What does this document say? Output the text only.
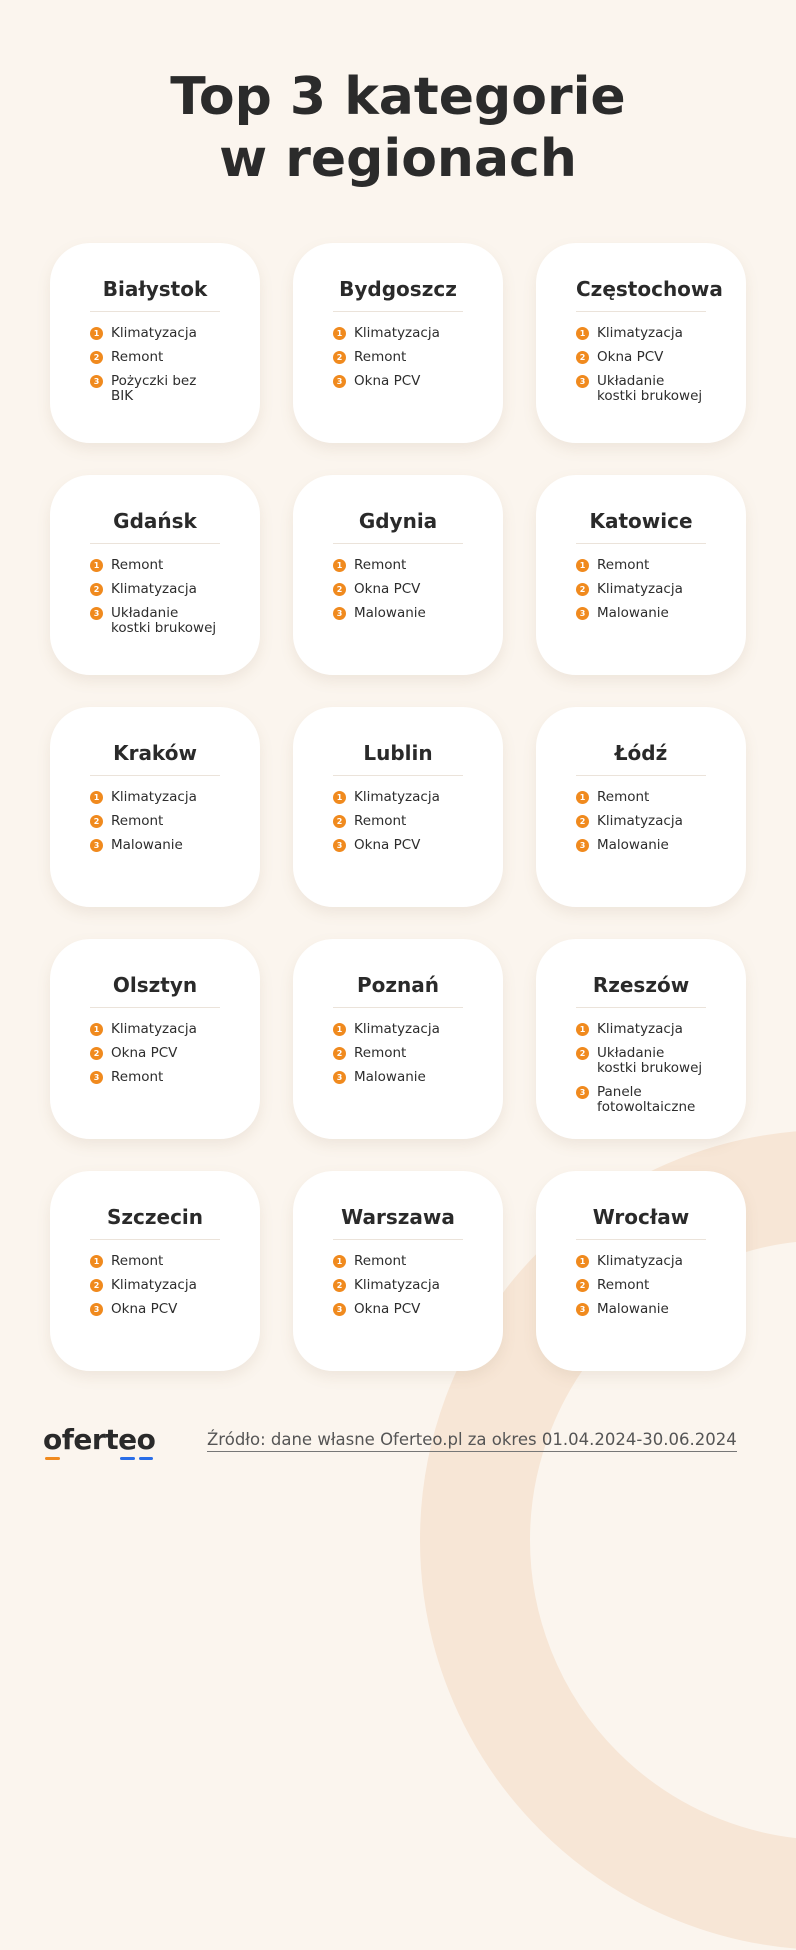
Top 3 kategorie
w regionach
Białystok
1 Klimatyzacja
2 Remont
3 Pożyczki bez BIK
Bydgoszcz
1 Klimatyzacja
2 Remont
3 Okna PCV
Częstochowa
1 Klimatyzacja
2 Okna PCV
3 Układanie kostki brukowej
Gdańsk
1 Remont
2 Klimatyzacja
3 Układanie kostki brukowej
Gdynia
1 Remont
2 Okna PCV
3 Malowanie
Katowice
1 Remont
2 Klimatyzacja
3 Malowanie
Kraków
1 Klimatyzacja
2 Remont
3 Malowanie
Lublin
1 Klimatyzacja
2 Remont
3 Okna PCV
Łódź
1 Remont
2 Klimatyzacja
3 Malowanie
Olsztyn
1 Klimatyzacja
2 Okna PCV
3 Remont
Poznań
1 Klimatyzacja
2 Remont
3 Malowanie
Rzeszów
1 Klimatyzacja
2 Układanie kostki brukowej
3 Panele fotowoltaiczne
Szczecin
1 Remont
2 Klimatyzacja
3 Okna PCV
Warszawa
1 Remont
2 Klimatyzacja
3 Okna PCV
Wrocław
1 Klimatyzacja
2 Remont
3 Malowanie
oferteo	Źródło: dane własne Oferteo.pl za okres 01.04.2024-30.06.2024
